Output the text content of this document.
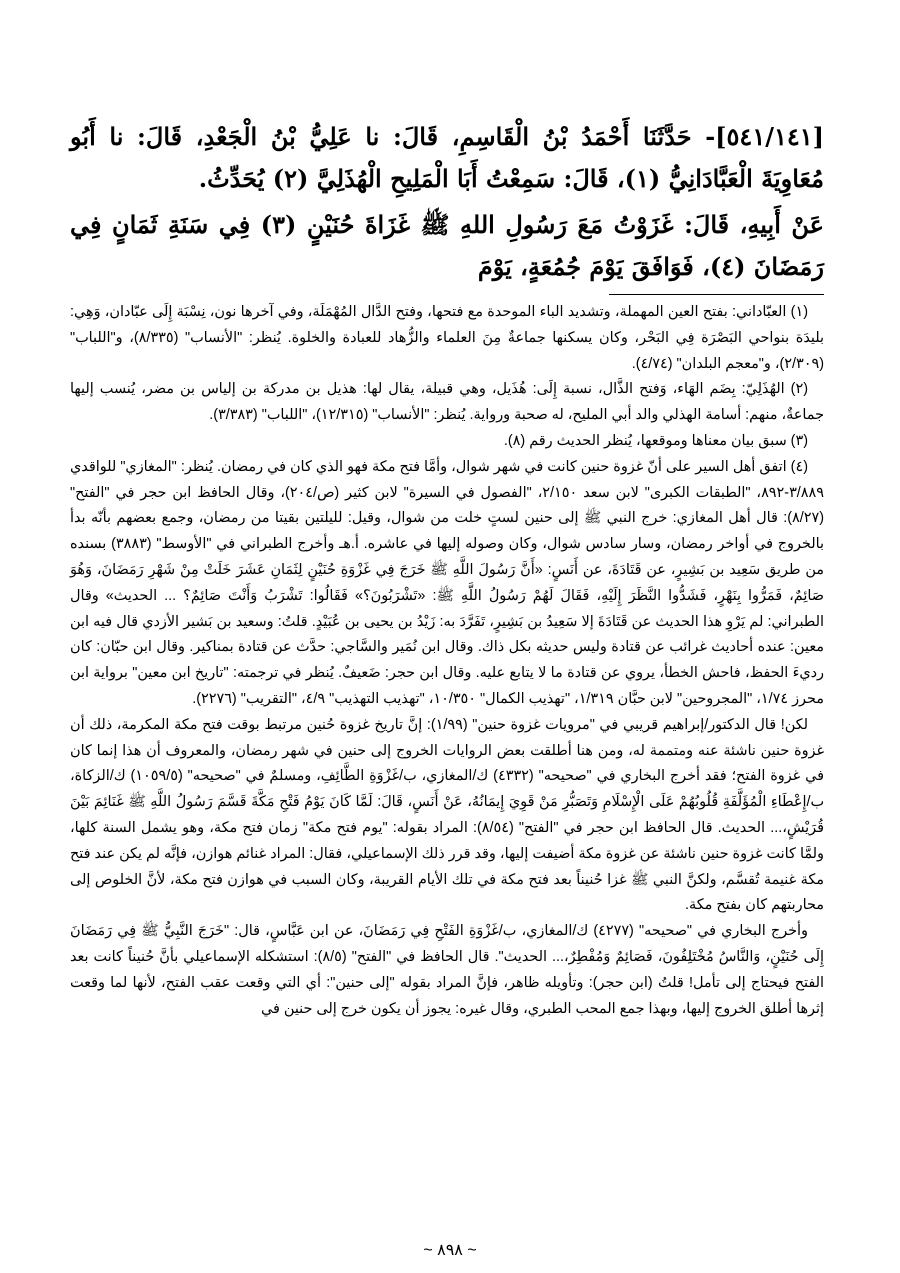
[٥٤١/١٤١]- حَدَّثَنَا أَحْمَدُ بْنُ الْقَاسِمِ، قَالَ: نا عَلِيُّ بْنُ الْجَعْدِ، قَالَ: نا أَبُو مُعَاوِيَةَ الْعَبَّادَانِيُّ (١)، قَالَ: سَمِعْتُ أَبَا الْمَلِيحِ الْهُذَلِيَّ (٢) يُحَدِّثُ.

عَنْ أَبِيهِ، قَالَ: غَزَوْتُ مَعَ رَسُولِ اللهِ ﷺ غَزَاةَ حُنَيْنٍ (٣) فِي سَنَةِ ثَمَانٍ فِي رَمَضَانَ (٤)، فَوَافَقَ يَوْمَ جُمُعَةٍ، يَوْمَ

(١) العبّاداني: بفتح العين المهملة، وتشديد الباء الموحدة مع فتحها، وفتح الدَّال المُهْمَلَة، وفي آخرها نون، نِسْبَة إِلَى عبّادان، وَهِي: بليدَة بنواحي البَصْرَة فِي البَحْر، وكان يسكنها جماعةٌ مِنَ العلماء والزُّهاد للعبادة والخلوة. يُنظر: "الأنساب" (٨/٣٣٥)، و"اللباب" (٢/٣٠٩)، و"معجم البلدان" (٤/٧٤).

(٢) الهُذَلِيّ: بِضَم الهَاء، وَفتح الذَّال، نسبة إِلَى: هُذَيل، وهي قبيلة، يقال لها: هذيل بن مدركة بن إلياس بن مضر، يُنسب إليها جماعةٌ، منهم: أسامة الهذلي والد أبي المليح، له صحبة ورواية. يُنظر: "الأنساب" (١٢/٣١٥)، "اللباب" (٣/٣٨٣).

(٣) سبق بيان معناها وموقعها، يُنظر الحديث رقم (٨).

(٤) اتفق أهل السير على أنّ غزوة حنين كانت في شهر شوال، وأمَّا فتح مكة فهو الذي كان في رمضان. يُنظر: "المغازي" للواقدي ٣/٨٨٩-٨٩٢، "الطبقات الكبرى" لابن سعد ٢/١٥٠، "الفصول في السيرة" لابن كثير (ص/٢٠٤)، وقال الحافظ ابن حجر في "الفتح" (٨/٢٧): قال أهل المغازي: خرج النبي ﷺ إلى حنين لستٍ خلت من شوال، وقيل: لليلتين بقيتا من رمضان، وجمع بعضهم بأنّه بدأ بالخروج في أواخر رمضان، وسار سادس شوال، وكان وصوله إليها في عاشره. أ.هـ وأخرج الطبراني في "الأوسط" (٣٨٨٣) بسنده من طريق سَعِيد بن بَشِيرٍ، عن قَتَادَةَ، عن أَنَسٍ: «أَنَّ رَسُولَ اللَّهِ ﷺ خَرَجَ فِي غَزْوَةِ حُنَيْنٍ لِثَمَانِ عَشَرَ خَلَتْ مِنْ شَهْرِ رَمَضَانَ، وَهُوَ صَائِمٌ، فَمَرُّوا بِنَهْرٍ، فَشَدُّوا النَّظَرَ إِلَيْهِ، فَقَالَ لَهُمْ رَسُولُ اللَّهِ ﷺ: «تَشْرَبُونَ؟» فَقَالُوا: تَشْرَبُ وَأَنْتَ صَائِمٌ؟ ... الحديث» وقال الطبراني: لم يَرْوِ هذا الحديث عن قَتَادَةَ إلا سَعِيدُ بن بَشِيرٍ، تَفَرَّدَ به: زَيْدُ بن يحيى بن عُبَيْدٍ. قلتُ: وسعيد بن بَشير الأزدي قال فيه ابن معين: عنده أحاديث غرائب عن قتادة وليس حديثه بكل ذاك. وقال ابن نُمَير والسَّاجي: حدَّث عن قتادة بمناكير. وقال ابن حبّان: كان رديءَ الحفظ، فاحش الخطأ، يروي عن قتادة ما لا يتابع عليه. وقال ابن حجر: ضَعيفٌ. يُنظر في ترجمته: "تاريخ ابن معين" برواية ابن محرز ١/٧٤، "المجروحين" لابن حبَّان ١/٣١٩، "تهذيب الكمال" ١٠/٣٥٠، "تهذيب التهذيب" ٤/٩، "التقريب" (٢٢٧٦).

لكن! قال الدكتور/إبراهيم قريبي في "مرويات غزوة حنين" (١/٩٩): إنَّ تاريخ غزوة حُنين مرتبط بوقت فتح مكة المكرمة، ذلك أن غزوة حنين ناشئة عنه ومتممة له، ومن هنا أطلقت بعض الروايات الخروج إلى حنين في شهر رمضان، والمعروف أن هذا إنما كان في غزوة الفتح؛ فقد أخرج البخاري في "صحيحه" (٤٣٣٢) ك/المغازي، ب/غَزْوَةِ الطَّائِفِ، ومسلمٌ في "صحيحه" (١٠٥٩/٥) ك/الزكاة، ب/إِعْطَاءِ الْمُؤَلَّفَةِ قُلُوبُهُمْ عَلَى الْإِسْلَامِ وَتَصَبُّرِ مَنْ قَوِيَ إِيمَانُهُ، عَنْ أَنَسٍ، قَالَ: لَمَّا كَانَ يَوْمُ فَتْحِ مَكَّةَ قَسَّمَ رَسُولُ اللَّهِ ﷺ غَنَائِمَ بَيْنَ قُرَيْشٍ،... الحديث. قال الحافظ ابن حجر في "الفتح" (٨/٥٤): المراد بقوله: "يوم فتح مكة" زمان فتح مكة، وهو يشمل السنة كلها، ولمَّا كانت غزوة حنين ناشئة عن غزوة مكة أضيفت إليها، وقد قرر ذلك الإسماعيلي، فقال: المراد غنائم هوازن، فإنَّه لم يكن عند فتح مكة غنيمة تُقسَّم، ولكنَّ النبي ﷺ غزا حُنيناً بعد فتح مكة في تلك الأيام القريبة، وكان السبب في هوازن فتح مكة، لأنَّ الخلوص إلى محاربتهم كان بفتح مكة.

وأخرج البخاري في "صحيحه" (٤٢٧٧) ك/المغازي، ب/غَزْوَةِ الفَتْحِ فِي رَمَضَانَ، عن ابن عَبَّاسٍ، قال: "خَرَجَ النَّبِيُّ ﷺ فِي رَمَضَانَ إِلَى حُنَيْنٍ، وَالنَّاسُ مُخْتَلِفُونَ، فَصَائِمٌ وَمُفْطِرٌ،... الحديث". قال الحافظ في "الفتح" (٨/٥): استشكله الإسماعيلي بأنَّ حُنيناً كانت بعد الفتح فيحتاج إلى تأمل! قلتُ (ابن حجر): وتأويله ظاهر، فإنَّ المراد بقوله "إلى حنين": أي التي وقعت عقب الفتح، لأنها لما وقعت إثرها أطلق الخروج إليها، وبهذا جمع المحب الطبري، وقال غيره: يجوز أن يكون خرج إلى حنين في

~ ٨٩٨ ~
